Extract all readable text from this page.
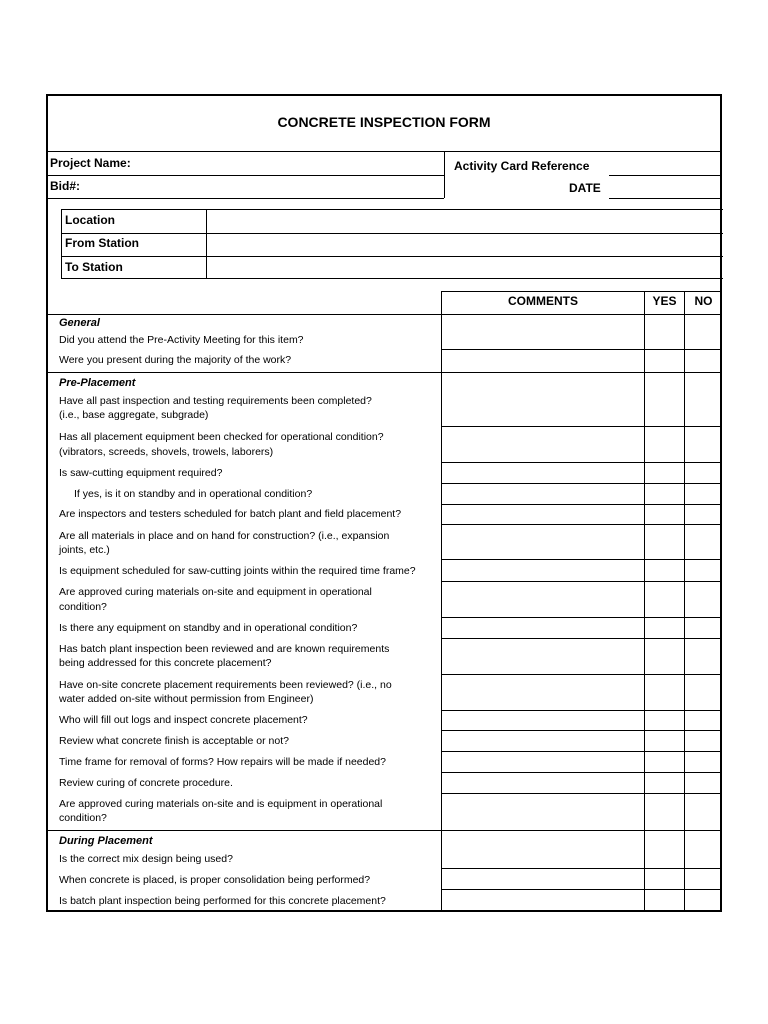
CONCRETE INSPECTION FORM
Project Name:
Bid#:
Activity Card Reference
DATE
Location
From Station
To Station
COMMENTS	YES	NO
General
Did you attend the Pre-Activity Meeting for this item?
Were you present during the majority of the work?
Pre-Placement
Have all past inspection and testing requirements been completed?
(i.e., base aggregate, subgrade)
Has all placement equipment been checked for operational condition?
(vibrators, screeds, shovels, trowels, laborers)
Is saw-cutting equipment required?
If yes, is it on standby and in operational condition?
Are inspectors and testers scheduled for batch plant and field placement?
Are all materials in place and on hand for construction? (i.e., expansion
joints, etc.)
Is equipment scheduled for saw-cutting joints within the required time frame?
Are approved curing materials on-site and equipment in operational
condition?
Is there any equipment on standby and in operational condition?
Has batch plant inspection been reviewed and are known requirements
being addressed for this concrete placement?
Have on-site concrete placement requirements been reviewed? (i.e., no
water added on-site without permission from Engineer)
Who will fill out logs and inspect concrete placement?
Review what concrete finish is acceptable or not?
Time frame for removal of forms? How repairs will be made if needed?
Review curing of concrete procedure.
Are approved curing materials on-site and is equipment in operational
condition?
During Placement
Is the correct mix design being used?
When concrete is placed, is proper consolidation being performed?
Is batch plant inspection being performed for this concrete placement?
